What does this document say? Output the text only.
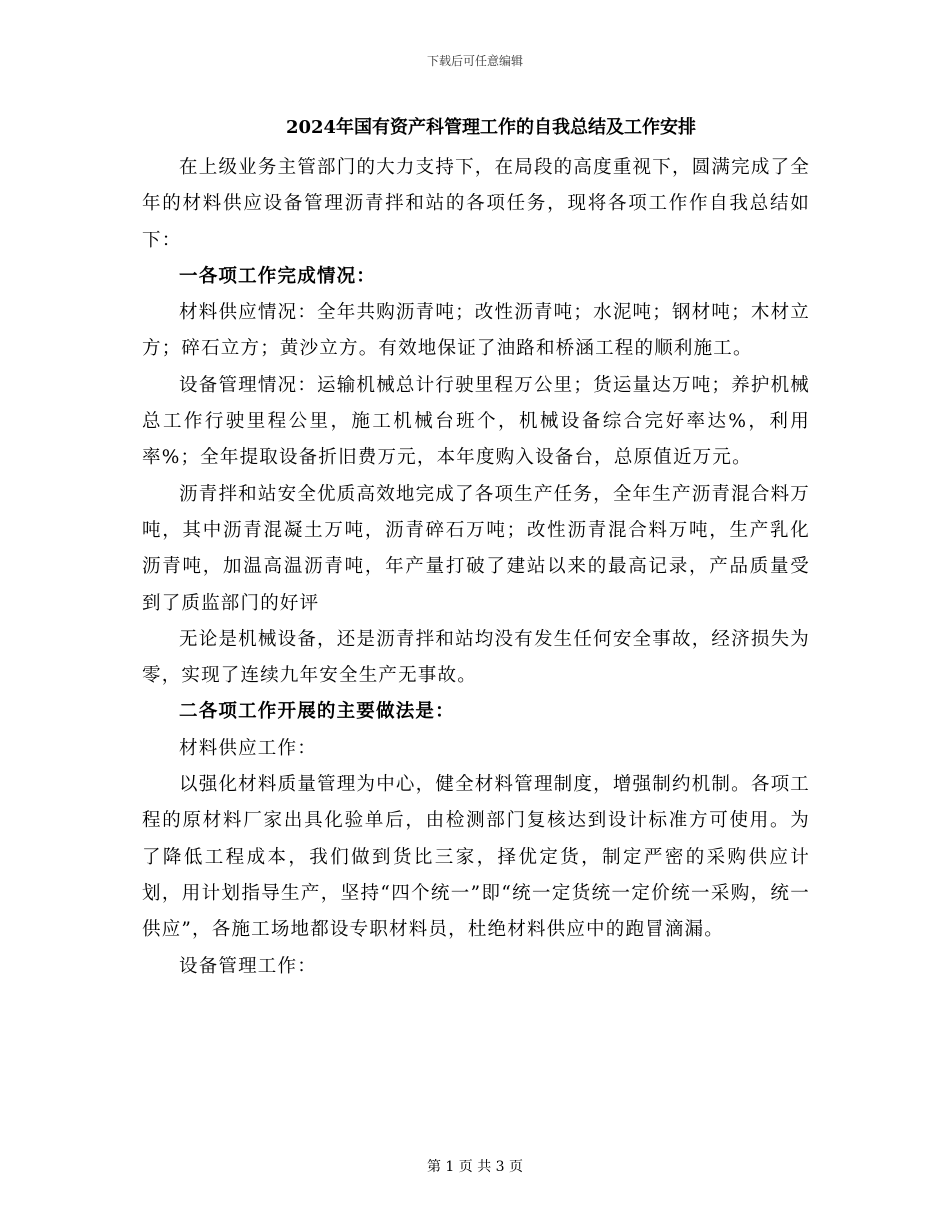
下载后可任意编辑
2024年国有资产科管理工作的自我总结及工作安排

在上级业务主管部门的大力支持下，在局段的高度重视下，圆满完成了全年的材料供应设备管理沥青拌和站的各项任务，现将各项工作作自我总结如下：

一各项工作完成情况：

材料供应情况：全年共购沥青吨；改性沥青吨；水泥吨；钢材吨；木材立方；碎石立方；黄沙立方。有效地保证了油路和桥涵工程的顺利施工。

设备管理情况：运输机械总计行驶里程万公里；货运量达万吨；养护机械总工作行驶里程公里，施工机械台班个，机械设备综合完好率达%，利用率%；全年提取设备折旧费万元，本年度购入设备台，总原值近万元。

沥青拌和站安全优质高效地完成了各项生产任务，全年生产沥青混合料万吨，其中沥青混凝土万吨，沥青碎石万吨；改性沥青混合料万吨，生产乳化沥青吨，加温高温沥青吨，年产量打破了建站以来的最高记录，产品质量受到了质监部门的好评

无论是机械设备，还是沥青拌和站均没有发生任何安全事故，经济损失为零，实现了连续九年安全生产无事故。

二各项工作开展的主要做法是：

材料供应工作：

以强化材料质量管理为中心，健全材料管理制度，增强制约机制。各项工程的原材料厂家出具化验单后，由检测部门复核达到设计标准方可使用。为了降低工程成本，我们做到货比三家，择优定货，制定严密的采购供应计划，用计划指导生产，坚持“四个统一”即“统一定货统一定价统一采购，统一供应”，各施工场地都设专职材料员，杜绝材料供应中的跑冒滴漏。

设备管理工作：

第 1 页 共 3 页
